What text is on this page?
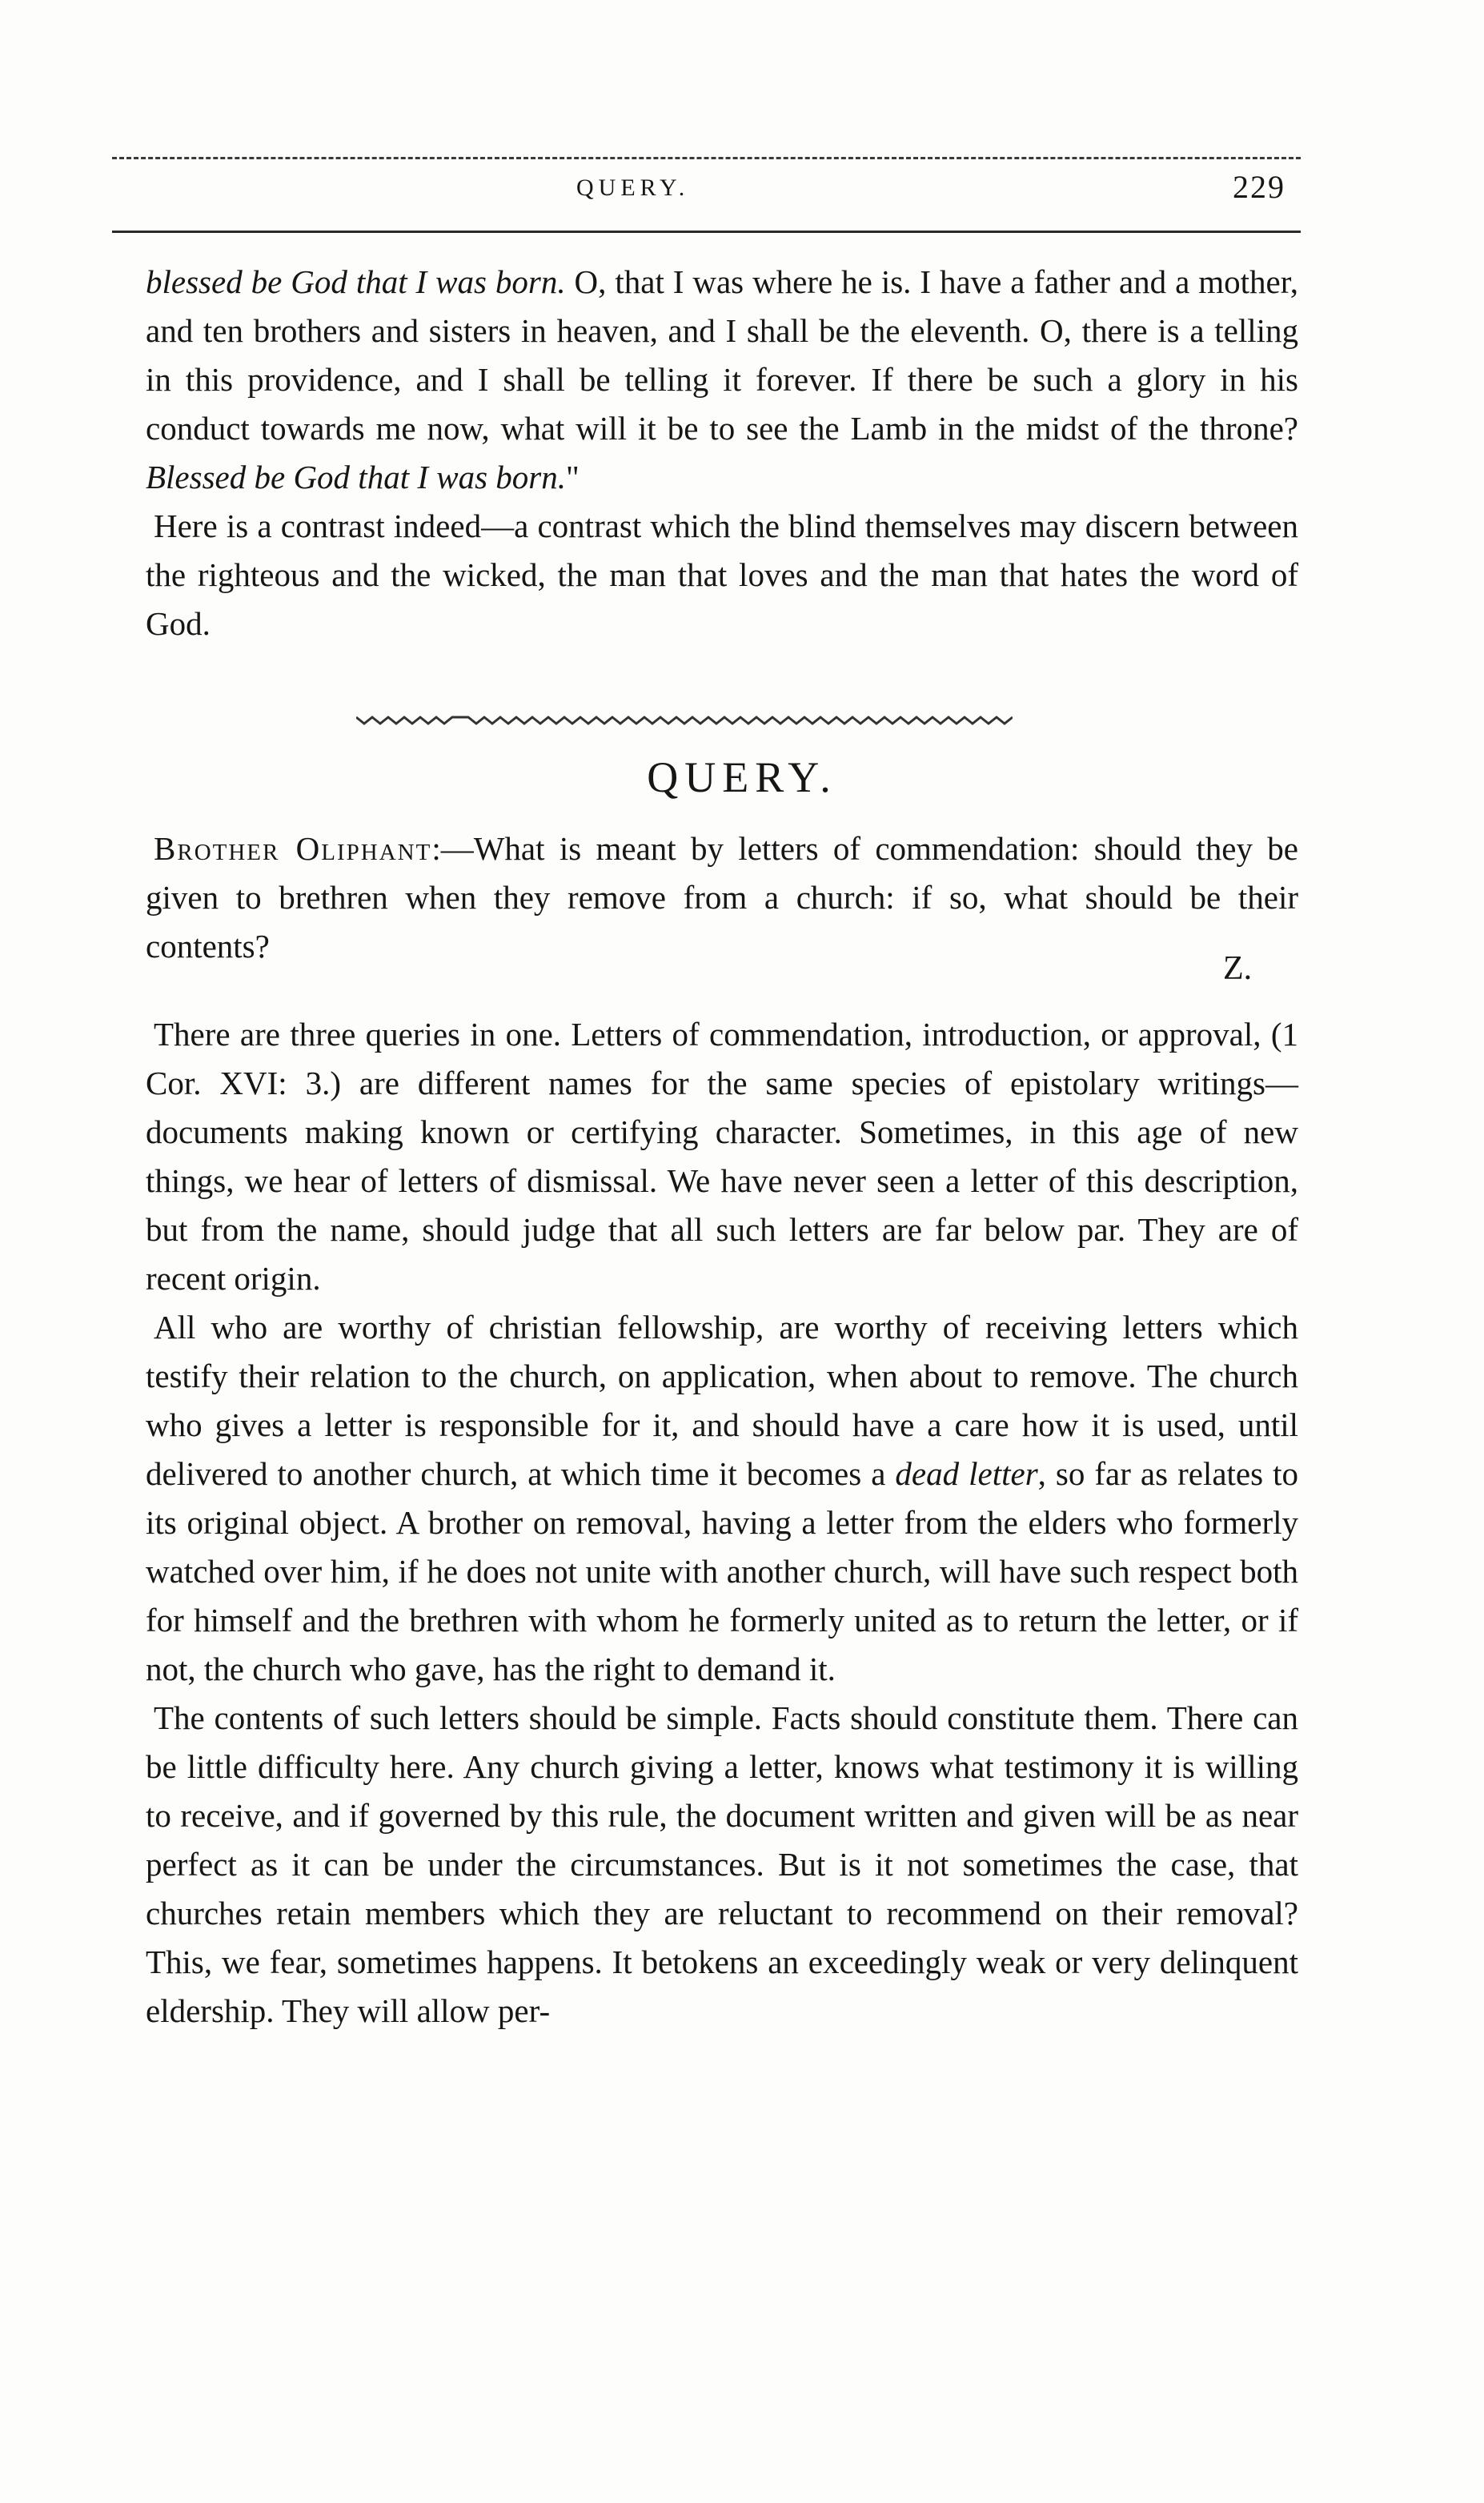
QUERY.	229

blessed be God that I was born. O, that I was where he is. I have a father and a mother, and ten brothers and sisters in heaven, and I shall be the eleventh. O, there is a telling in this providence, and I shall be telling it forever. If there be such a glory in his conduct towards me now, what will it be to see the Lamb in the midst of the throne? Blessed be God that I was born."

Here is a contrast indeed—a contrast which the blind themselves may discern between the righteous and the wicked, the man that loves and the man that hates the word of God.

QUERY.

Brother Oliphant:—What is meant by letters of commendation: should they be given to brethren when they remove from a church: if so, what should be their contents?

Z.

There are three queries in one. Letters of commendation, introduction, or approval, (1 Cor. XVI: 3.) are different names for the same species of epistolary writings—documents making known or certifying character. Sometimes, in this age of new things, we hear of letters of dismissal. We have never seen a letter of this description, but from the name, should judge that all such letters are far below par. They are of recent origin.

All who are worthy of christian fellowship, are worthy of receiving letters which testify their relation to the church, on application, when about to remove. The church who gives a letter is responsible for it, and should have a care how it is used, until delivered to another church, at which time it becomes a dead letter, so far as relates to its original object. A brother on removal, having a letter from the elders who formerly watched over him, if he does not unite with another church, will have such respect both for himself and the brethren with whom he formerly united as to return the letter, or if not, the church who gave, has the right to demand it.

The contents of such letters should be simple. Facts should constitute them. There can be little difficulty here. Any church giving a letter, knows what testimony it is willing to receive, and if governed by this rule, the document written and given will be as near perfect as it can be under the circumstances. But is it not sometimes the case, that churches retain members which they are reluctant to recommend on their removal? This, we fear, sometimes happens. It betokens an exceedingly weak or very delinquent eldership. They will allow per-
